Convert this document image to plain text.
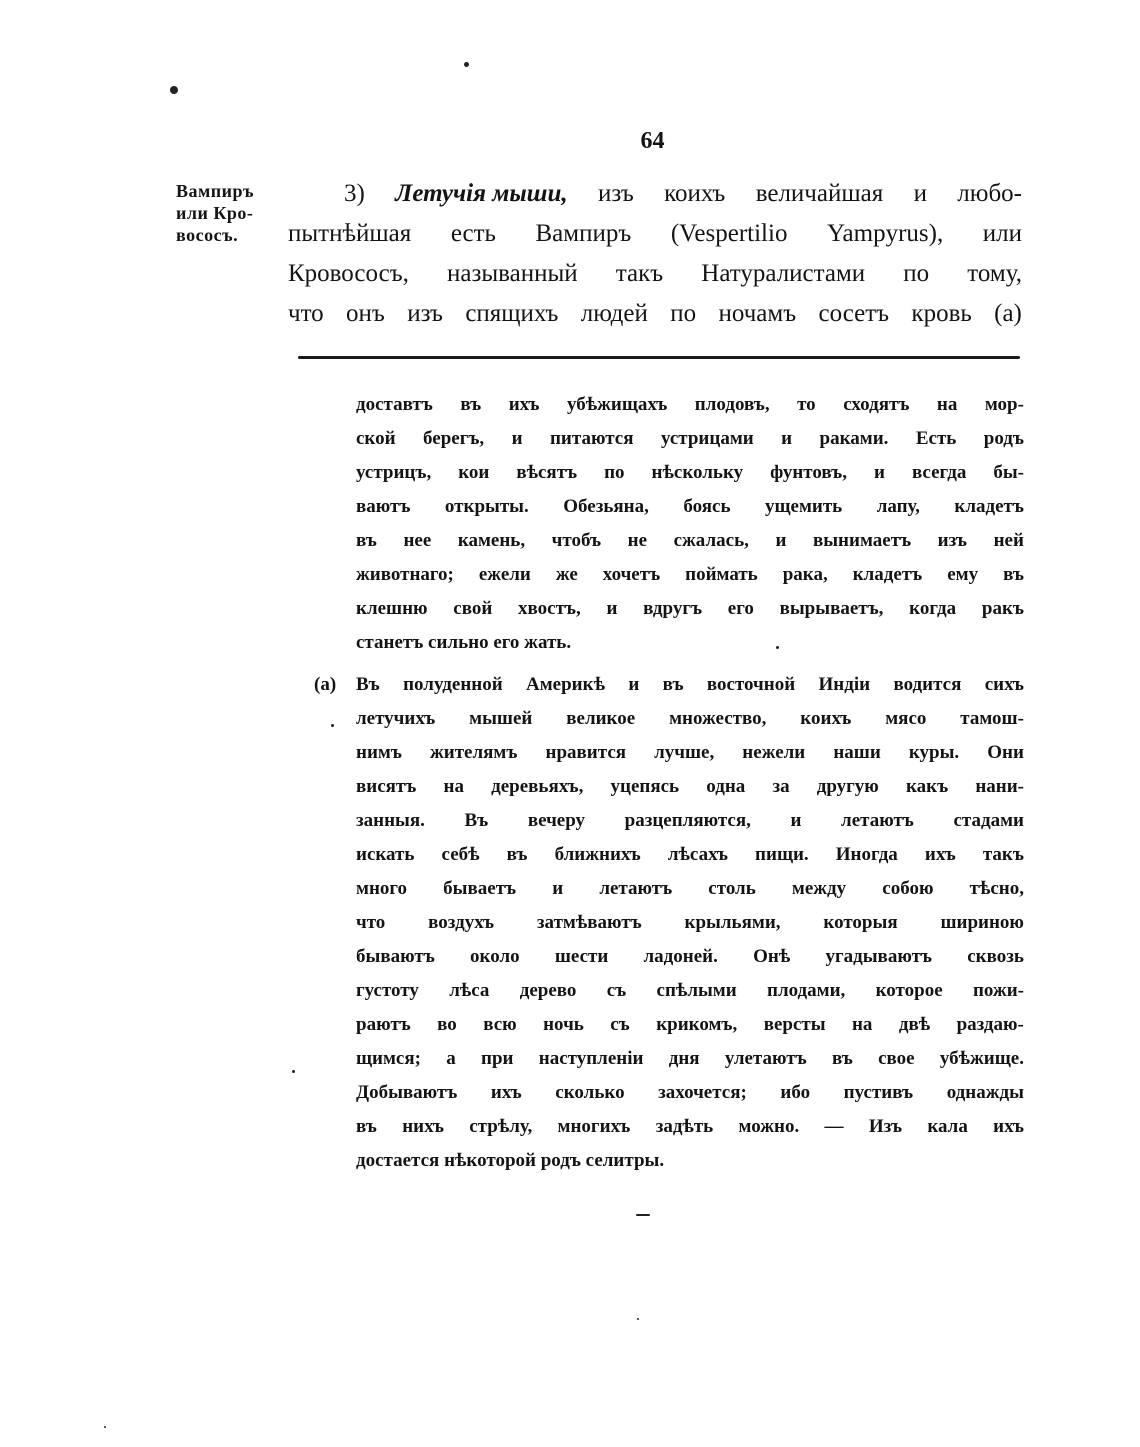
64
Вампиръ
или Кро-
вососъ.
3) Летучія мыши, изъ коихъ величайшая и любо-
пытнѣйшая есть Вампиръ (Vespertilio Yampyrus), или
Кровососъ, называнный такъ Натуралистами по тому,
что онъ изъ спящихъ людей по ночамъ сосетъ кровь (а)
доставтъ въ ихъ убѣжищахъ плодовъ, то сходятъ на мор-
ской берегъ, и питаются устрицами и раками. Есть родъ
устрицъ, кои вѣсятъ по нѣскольку фунтовъ, и всегда бы-
ваютъ открыты. Обезьяна, боясь ущемить лапу, кладетъ
въ нее камень, чтобъ не сжалась, и вынимаетъ изъ ней
животнаго; ежели же хочетъ поймать рака, кладетъ ему въ
клешню свой хвостъ, и вдругъ его вырываетъ, когда ракъ
станетъ сильно его жать.
(а) Въ полуденной Америкѣ и въ восточной Индіи водится сихъ
летучихъ мышей великое множество, коихъ мясо тамош-
нимъ жителямъ нравится лучше, нежели наши куры. Они
висятъ на деревьяхъ, уцепясь одна за другую какъ нани-
занныя. Въ вечеру разцепляются, и летаютъ стадами
искать себѣ въ ближнихъ лѣсахъ пищи. Иногда ихъ такъ
много бываетъ и летаютъ столь между собою тѣсно,
что воздухъ затмѣваютъ крыльями, которыя шириною
бываютъ около шести ладоней. Онѣ угадываютъ сквозь
густоту лѣса дерево съ спѣлыми плодами, которое пожи-
раютъ во всю ночь съ крикомъ, версты на двѣ раздаю-
щимся; а при наступленіи дня улетаютъ въ свое убѣжище.
Добываютъ ихъ сколько захочется; ибо пустивъ однажды
въ нихъ стрѣлу, многихъ задѣть можно. — Изъ кала ихъ
достается нѣкоторой родъ селитры.
